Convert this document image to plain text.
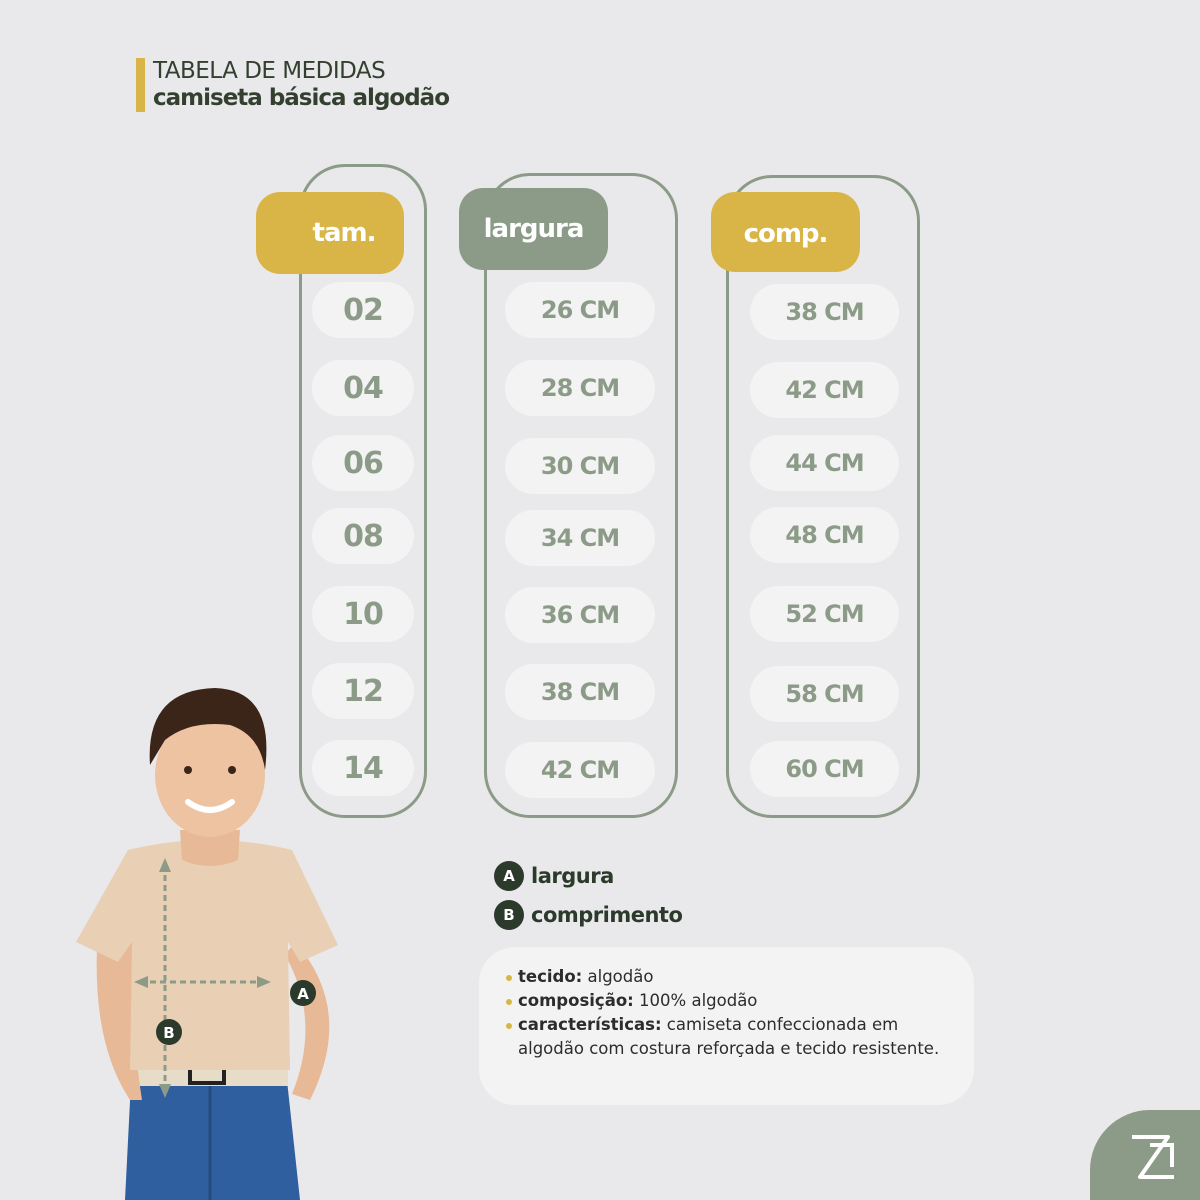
TABELA DE MEDIDAS
camiseta básica algodão
tam.	largura	comp.
02
04
06
08
10
12
14
26 CM
28 CM
30 CM
34 CM
36 CM
38 CM
42 CM
38 CM
42 CM
44 CM
48 CM
52 CM
58 CM
60 CM
A
B
A largura
B comprimento
tecido: algodão
composição: 100% algodão
características: camiseta confeccionada em algodão com costura reforçada e tecido resistente.
